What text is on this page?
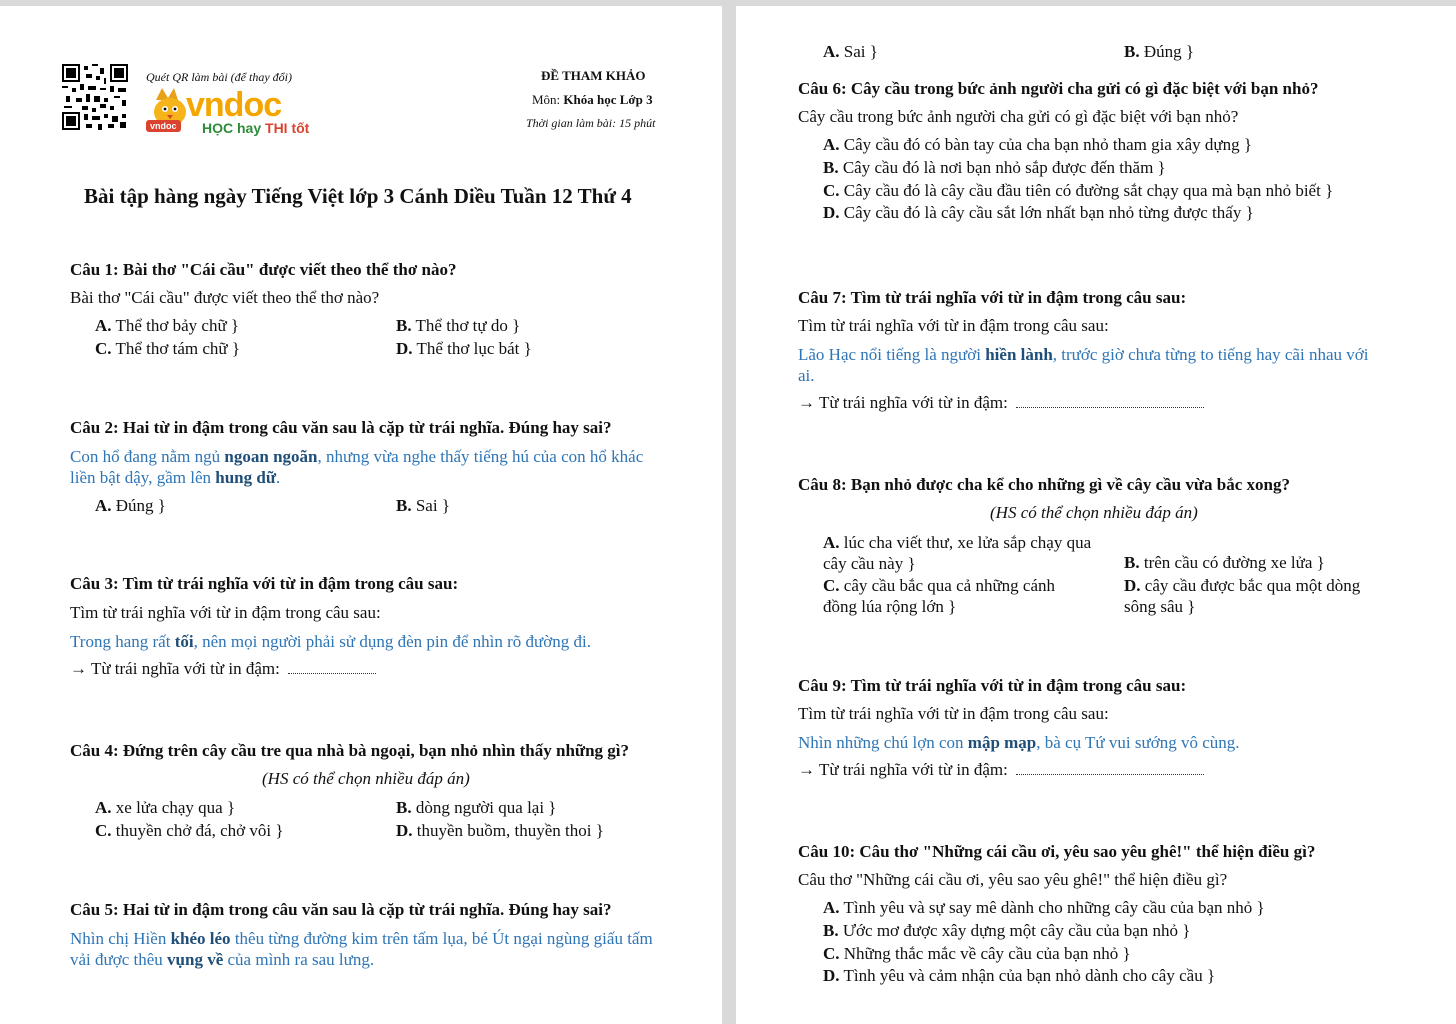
Quét QR làm bài (để thay đổi)
vndoc
vndoc HỌC hay THI tốt
ĐỀ THAM KHẢO
Môn: Khóa học Lớp 3
Thời gian làm bài: 15 phút
Bài tập hàng ngày Tiếng Việt lớp 3 Cánh Diều Tuần 12 Thứ 4
Câu 1: Bài thơ "Cái cầu" được viết theo thể thơ nào?
Bài thơ "Cái cầu" được viết theo thể thơ nào?
A. Thể thơ bảy chữ }	B. Thể thơ tự do }
C. Thể thơ tám chữ }	D. Thể thơ lục bát }
Câu 2: Hai từ in đậm trong câu văn sau là cặp từ trái nghĩa. Đúng hay sai?
Con hổ đang nằm ngủ ngoan ngoãn, nhưng vừa nghe thấy tiếng hú của con hổ khác liền bật dậy, gầm lên hung dữ.
A. Đúng }	B. Sai }
Câu 3: Tìm từ trái nghĩa với từ in đậm trong câu sau:
Tìm từ trái nghĩa với từ in đậm trong câu sau:
Trong hang rất tối, nên mọi người phải sử dụng đèn pin để nhìn rõ đường đi.
→ Từ trái nghĩa với từ in đậm:
Câu 4: Đứng trên cây cầu tre qua nhà bà ngoại, bạn nhỏ nhìn thấy những gì?
(HS có thể chọn nhiều đáp án)
A. xe lửa chạy qua }	B. dòng người qua lại }
C. thuyền chở đá, chở vôi }	D. thuyền buồm, thuyền thoi }
Câu 5: Hai từ in đậm trong câu văn sau là cặp từ trái nghĩa. Đúng hay sai?
Nhìn chị Hiền khéo léo thêu từng đường kim trên tấm lụa, bé Út ngại ngùng giấu tấm vải được thêu vụng về của mình ra sau lưng.
A. Sai }	B. Đúng }
Câu 6: Cây cầu trong bức ảnh người cha gửi có gì đặc biệt với bạn nhỏ?
Cây cầu trong bức ảnh người cha gửi có gì đặc biệt với bạn nhỏ?
A. Cây cầu đó có bàn tay của cha bạn nhỏ tham gia xây dựng }
B. Cây cầu đó là nơi bạn nhỏ sắp được đến thăm }
C. Cây cầu đó là cây cầu đầu tiên có đường sắt chạy qua mà bạn nhỏ biết }
D. Cây cầu đó là cây cầu sắt lớn nhất bạn nhỏ từng được thấy }
Câu 7: Tìm từ trái nghĩa với từ in đậm trong câu sau:
Tìm từ trái nghĩa với từ in đậm trong câu sau:
Lão Hạc nổi tiếng là người hiền lành, trước giờ chưa từng to tiếng hay cãi nhau với ai.
→ Từ trái nghĩa với từ in đậm:
Câu 8: Bạn nhỏ được cha kể cho những gì về cây cầu vừa bắc xong?
(HS có thể chọn nhiều đáp án)
A. lúc cha viết thư, xe lửa sắp chạy qua cây cầu này }	B. trên cầu có đường xe lửa }
C. cây cầu bắc qua cả những cánh đồng lúa rộng lớn }
D. cây cầu được bắc qua một dòng sông sâu }
Câu 9: Tìm từ trái nghĩa với từ in đậm trong câu sau:
Tìm từ trái nghĩa với từ in đậm trong câu sau:
Nhìn những chú lợn con mập mạp, bà cụ Tứ vui sướng vô cùng.
→ Từ trái nghĩa với từ in đậm:
Câu 10: Câu thơ "Những cái cầu ơi, yêu sao yêu ghê!" thể hiện điều gì?
Câu thơ "Những cái cầu ơi, yêu sao yêu ghê!" thể hiện điều gì?
A. Tình yêu và sự say mê dành cho những cây cầu của bạn nhỏ }
B. Ước mơ được xây dựng một cây cầu của bạn nhỏ }
C. Những thắc mắc về cây cầu của bạn nhỏ }
D. Tình yêu và cảm nhận của bạn nhỏ dành cho cây cầu }
